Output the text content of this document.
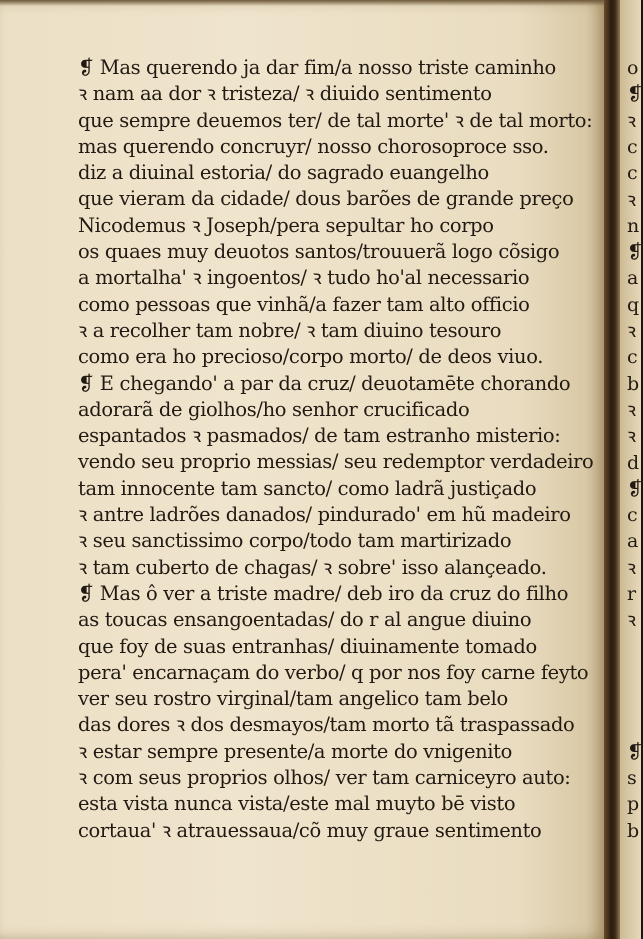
❡ Mas querendo ja dar fim/a nosso triste caminho
ꝛ nam aa dor ꝛ tristeza/ ꝛ diuido sentimento
que sempre deuemos ter/ de tal morte' ꝛ de tal morto:
mas querendo concruyr/ nosso chorosoproce sso.
diz a diuinal estoria/ do sagrado euangelho
que vieram da cidade/ dous barões de grande preço
Nicodemus ꝛ Joseph/pera sepultar ho corpo
os quaes muy deuotos santos/trouuerã logo cõsigo
a mortalha' ꝛ ingoentos/ ꝛ tudo ho'al necessario
como pessoas que vinhã/a fazer tam alto officio
ꝛ a recolher tam nobre/ ꝛ tam diuino tesouro
como era ho precioso/corpo morto/ de deos viuo.
❡ E chegando' a par da cruz/ deuotamēte chorando
adorarã de giolhos/ho senhor crucificado
espantados ꝛ pasmados/ de tam estranho misterio:
vendo seu proprio messias/ seu redemptor verdadeiro
tam innocente tam sancto/ como ladrã justiçado
ꝛ antre ladrões danados/ pindurado' em hũ madeiro
ꝛ seu sanctissimo corpo/todo tam martirizado
ꝛ tam cuberto de chagas/ ꝛ sobre' isso alançeado.
❡ Mas ô ver a triste madre/ deb iro da cruz do filho
as toucas ensangoentadas/ do r al angue diuino
que foy de suas entranhas/ diuinamente tomado
pera' encarnaçam do verbo/ q por nos foy carne feyto
ver seu rostro virginal/tam angelico tam belo
das dores ꝛ dos desmayos/tam morto tã traspassado
ꝛ estar sempre presente/a morte do vnigenito
ꝛ com seus proprios olhos/ ver tam carniceyro auto:
esta vista nunca vista/este mal muyto bē visto
cortaua' ꝛ atrauessaua/cõ muy graue sentimento
o
❡
ꝛ
c
c
ꝛ
n
❡
a
q
ꝛ
c
b
ꝛ
ꝛ
d
❡
c
a
ꝛ
r
ꝛ
❡
s
p
b
